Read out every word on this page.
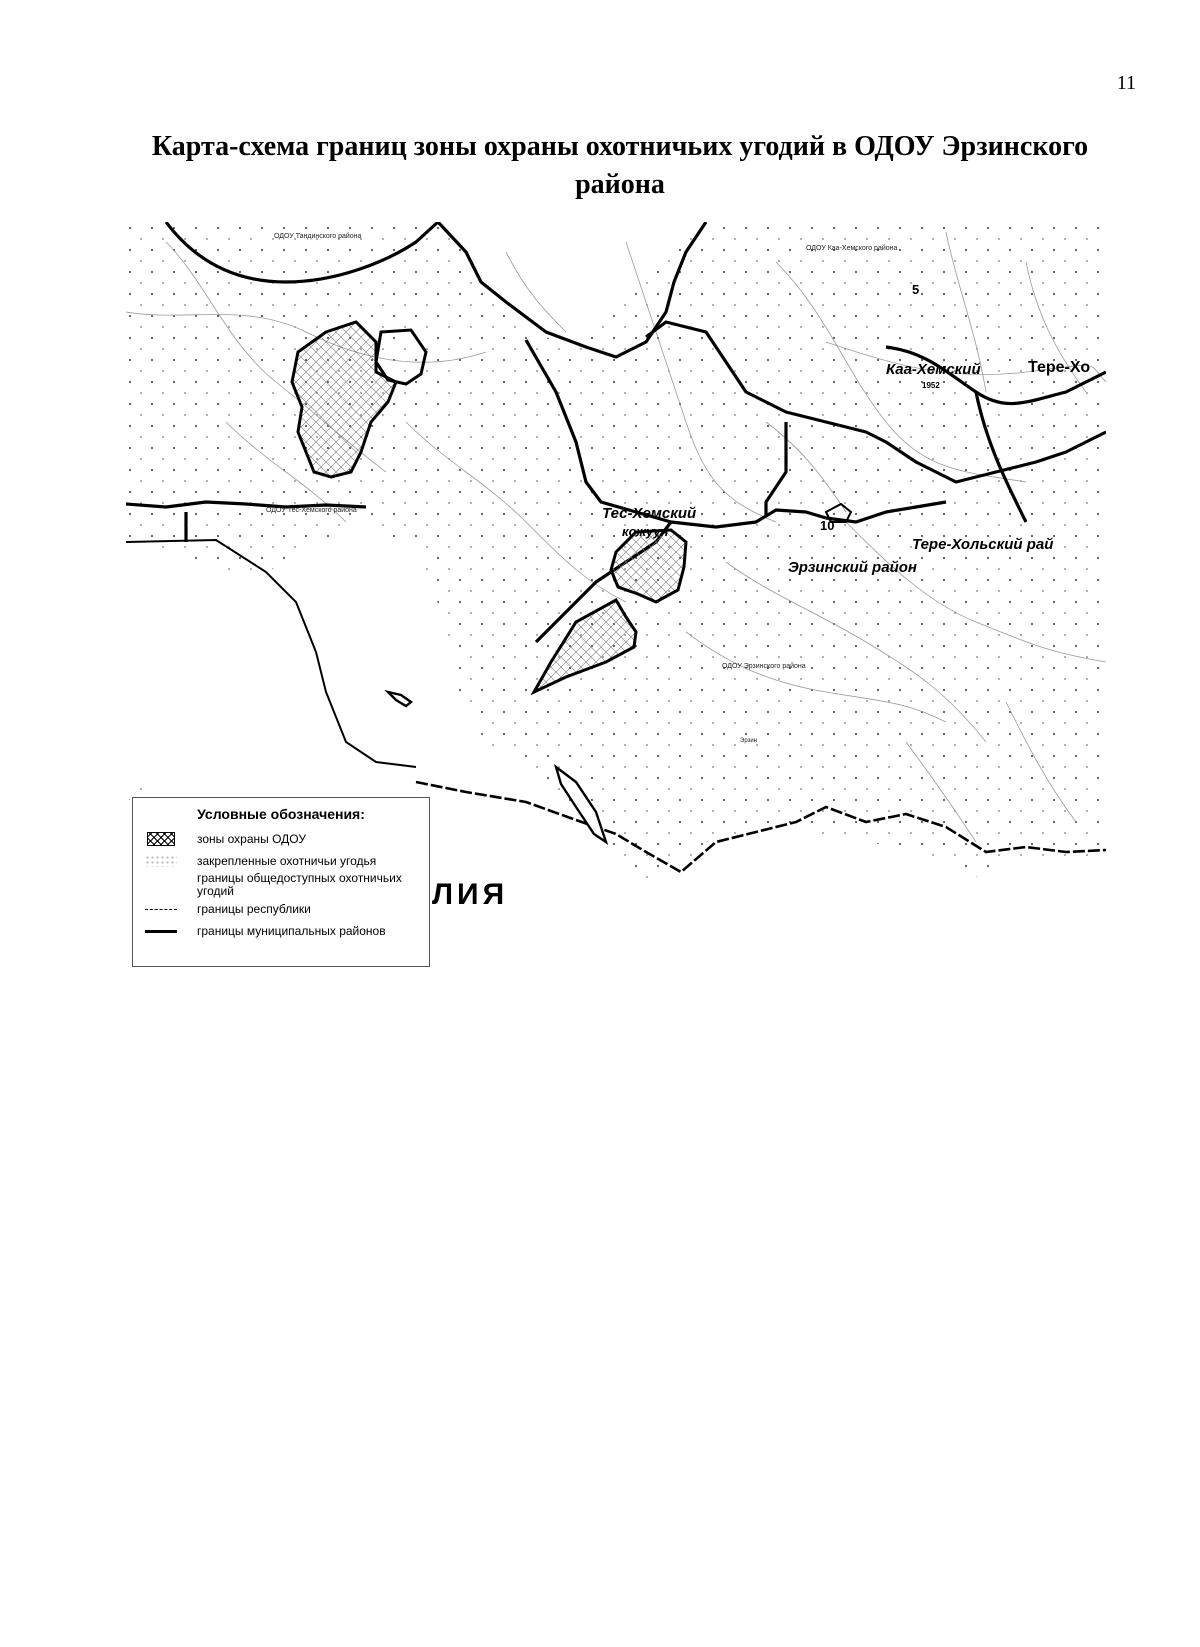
11
Карта-схема границ зоны охраны охотничьих угодий в ОДОУ Эрзинского района
ОДОУ Тандинского района
ОДОУ Каа-Хемского района
5
Каа-Хемский	Тере-Хо
1952
ОДОУ Тес-Хемского района	Тес-Хемский
кожуун	10
Тере-Хольский рай
Эрзинский район
ОДОУ Эрзинского района
Эрзин
ЛИЯ
Условные обозначения:
зоны охраны ОДОУ
закрепленные охотничьи угодья
границы общедоступных охотничьих угодий
границы республики
границы муниципальных районов
